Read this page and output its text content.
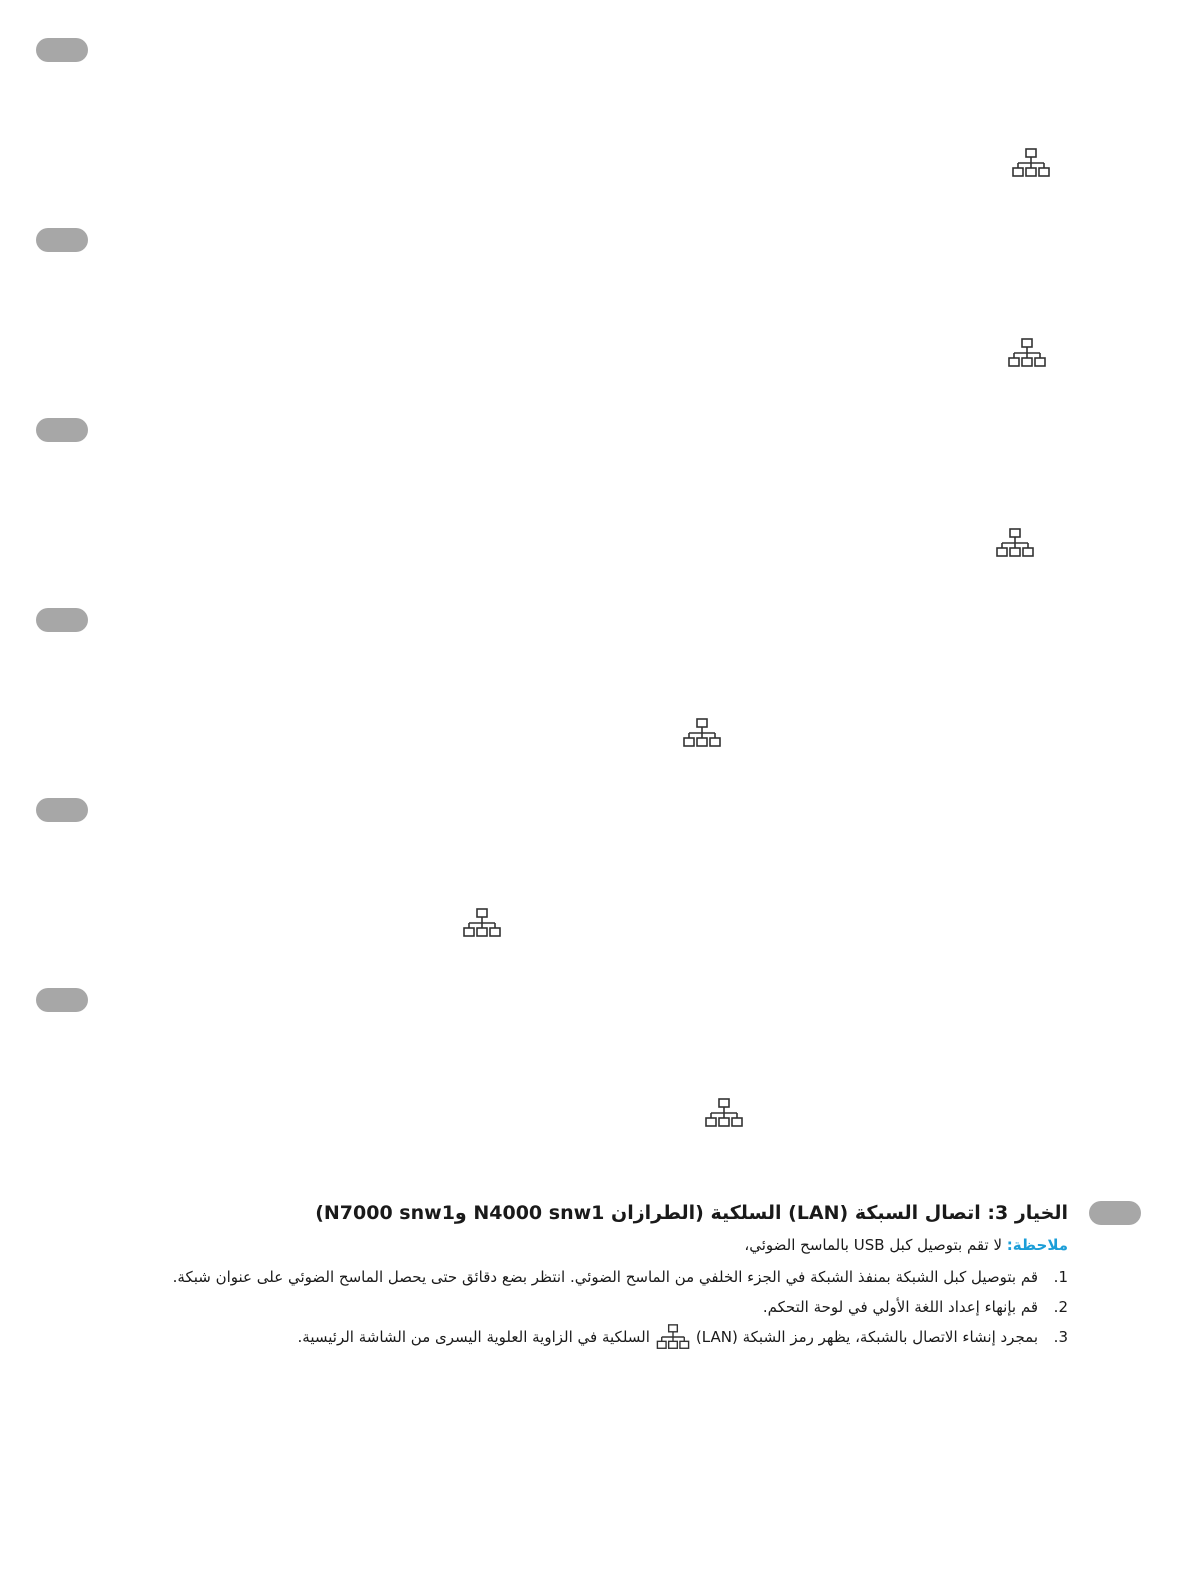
الخيار 3: اتصال السبكة (LAN) السلكية (الطرازان N4000 snw1 وN7000 snw1)

ملاحظة: لا تقم بتوصيل كبل USB بالماسح الضوئي،

1.
قم بتوصيل كبل الشبكة بمنفذ الشبكة في الجزء الخلفي من الماسح الضوئي. انتظر بضع دقائق حتى يحصل الماسح الضوئي على عنوان شبكة.
2.
قم بإنهاء إعداد اللغة الأولي في لوحة التحكم.
3.
بمجرد إنشاء الاتصال بالشبكة، يظهر رمز الشبكة (LAN)
السلكية في الزاوية العلوية اليسرى من الشاشة الرئيسية.
